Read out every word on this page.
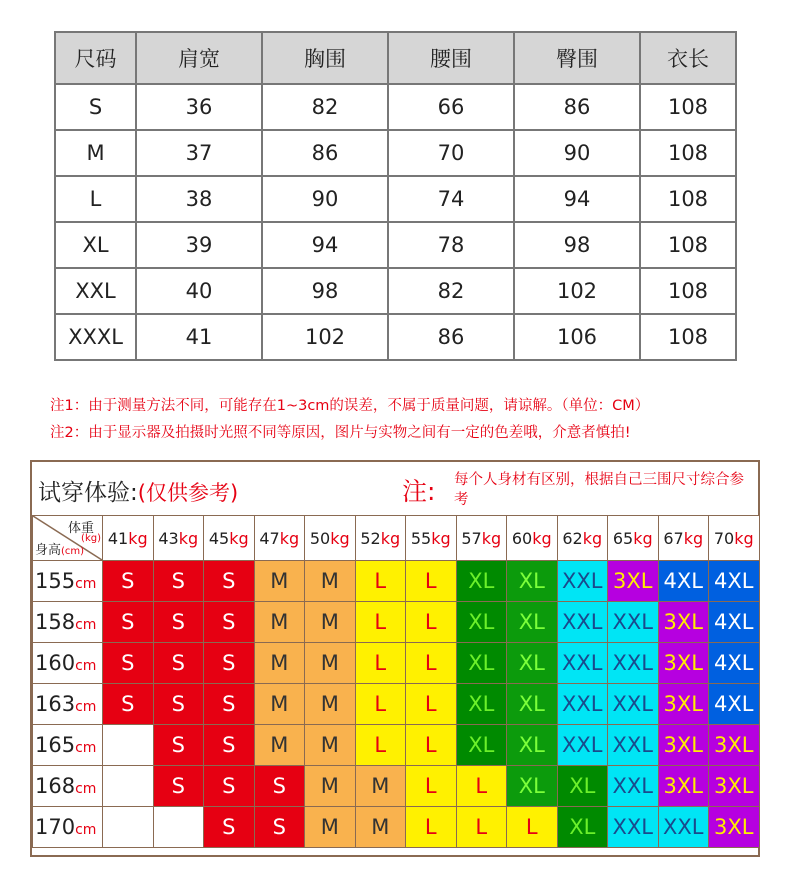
尺码	肩宽	胸围	腰围	臀围	衣长
S	36	82	66	86	108
M	37	86	70	90	108
L	38	90	74	94	108
XL	39	94	78	98	108
XXL	40	98	82	102	108
XXXL	41	102	86	106	108
注1：由于测量方法不同，可能存在1~3cm的误差，不属于质量问题，请谅解。（单位：CM）
注2：由于显示器及拍摄时光照不同等原因，图片与实物之间有一定的色差哦，介意者慎拍!
试穿体验:(仅供参考)	注: 每个人身材有区别，根据自己三围尺寸综合参考
体重
(kg)
身高(cm)	41kg	43kg	45kg	47kg	50kg	52kg	55kg	57kg	60kg	62kg	65kg	67kg	70kg
155cm	S	S	S	M	M	L	L	XL	XL	XXL	3XL	4XL	4XL
158cm	S	S	S	M	M	L	L	XL	XL	XXL	XXL	3XL	4XL
160cm	S	S	S	M	M	L	L	XL	XL	XXL	XXL	3XL	4XL
163cm	S	S	S	M	M	L	L	XL	XL	XXL	XXL	3XL	4XL
165cm		S	S	M	M	L	L	XL	XL	XXL	XXL	3XL	3XL
168cm		S	S	S	M	M	L	L	XL	XL	XXL	3XL	3XL
170cm			S	S	M	M	L	L	L	XL	XXL	XXL	3XL
